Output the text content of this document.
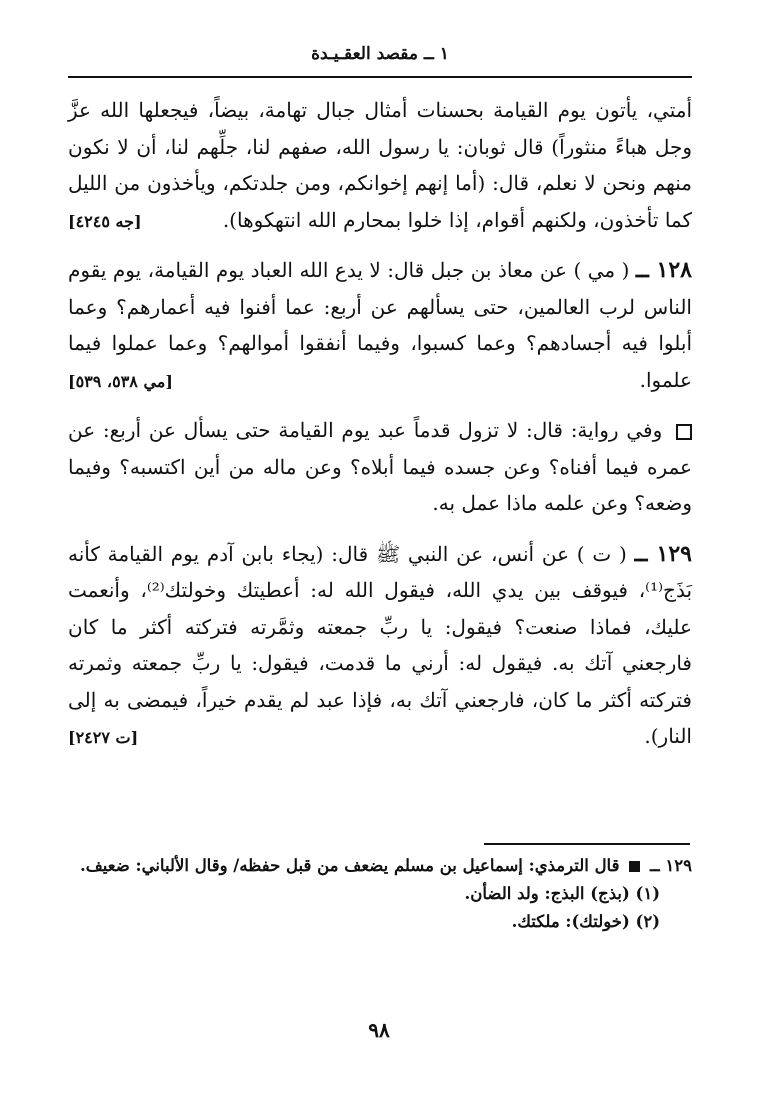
١ ــ مقصد العقـيـدة

أمتي، يأتون يوم القيامة بحسنات أمثال جبال تهامة، بيضاً، فيجعلها الله عزَّ وجل هباءً منثوراً) قال ثوبان: يا رسول الله، صفهم لنا، جلِّهم لنا، أن لا نكون منهم ونحن لا نعلم، قال: (أما إنهم إخوانكم، ومن جلدتكم، ويأخذون من الليل كما تأخذون، ولكنهم أقوام، إذا خلوا بمحارم الله انتهكوها).
[جه ٤٢٤٥]

١٢٨ ــ ( مي ) عن معاذ بن جبل قال: لا يدع الله العباد يوم القيامة، يوم يقوم الناس لرب العالمين، حتى يسألهم عن أربع: عما أفنوا فيه أعمارهم؟ وعما أبلوا فيه أجسادهم؟ وعما كسبوا، وفيما أنفقوا أموالهم؟ وعما عملوا فيما علموا.
[مي ٥٣٨، ٥٣٩]

وفي رواية: قال: لا تزول قدماً عبد يوم القيامة حتى يسأل عن أربع: عن عمره فيما أفناه؟ وعن جسده فيما أبلاه؟ وعن ماله من أين اكتسبه؟ وفيما وضعه؟ وعن علمه ماذا عمل به.

١٢٩ ــ ( ت ) عن أنس، عن النبي ﷺ قال: (يجاء بابن آدم يوم القيامة كأنه بَذَج⁽¹⁾، فيوقف بين يدي الله، فيقول الله له: أعطيتك وخولتك⁽²⁾، وأنعمت عليك، فماذا صنعت؟ فيقول: يا ربِّ جمعته وثمَّرته فتركته أكثر ما كان فارجعني آتك به. فيقول له: أرني ما قدمت، فيقول: يا ربِّ جمعته وثمرته فتركته أكثر ما كان، فارجعني آتك به، فإذا عبد لم يقدم خيراً، فيمضى به إلى النار).
[ت ٢٤٢٧]

١٢٩ ــ  قال الترمذي: إسماعيل بن مسلم يضعف من قبل حفظه/ وقال الألباني: ضعيف.

(١) (بذج) البذج: ولد الضأن.

(٢) (خولتك): ملكتك.

٩٨
